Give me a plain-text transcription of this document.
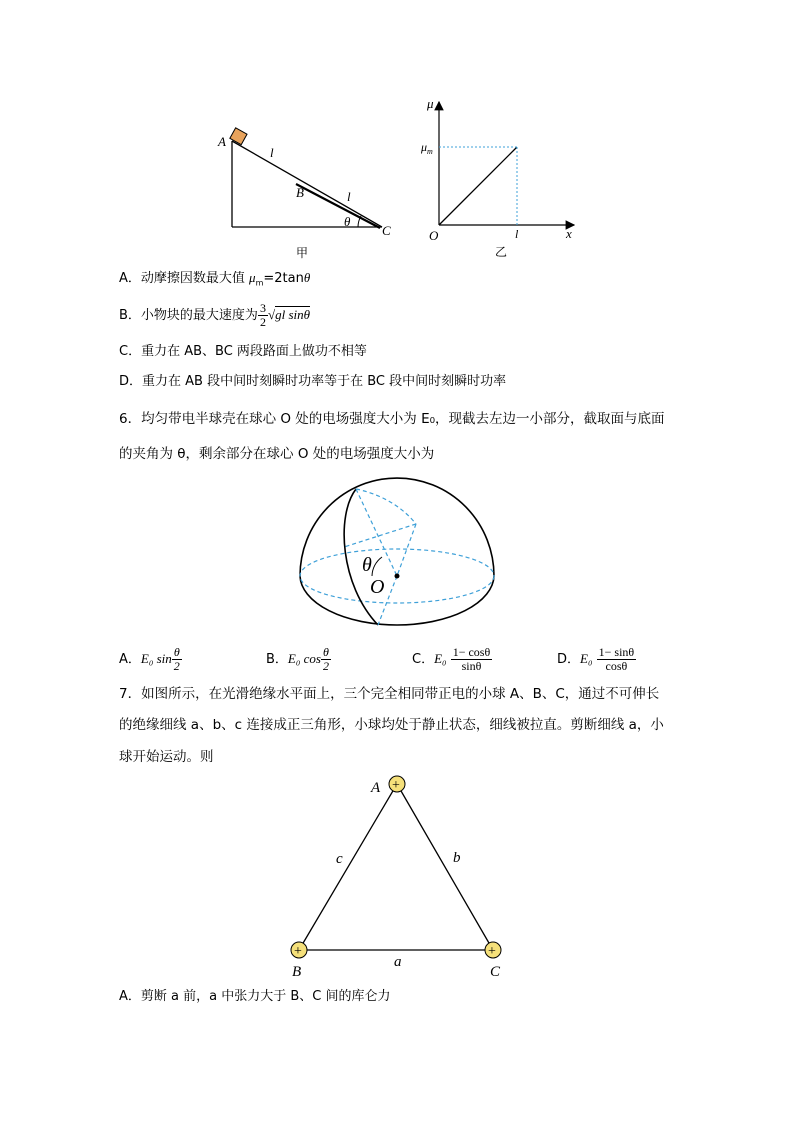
A
l
B	l
θ
C
甲
μ
$\mu_m$
O	l	x
乙
A．动摩擦因数最大值 $\mu_m=2\tan\theta$
B．小物块的最大速度为 $\frac{3}{2} √gl$ sinθ
C．重力在 AB、BC 两段路面上做功不相等
D．重力在 AB 段中间时刻瞬时功率等于在 BC 段中间时刻瞬时功率
6．均匀带电半球壳在球心 O 处的电场强度大小为 E₀，现截去左边一小部分，截取面与底面
的夹角为 θ，剩余部分在球心 O 处的电场强度大小为
θ
O
A．E₀ $\sin \frac{\theta}{2}$	B．E₀ $\cos \frac{\theta}{2}$	C．$E_0 \frac{1- \cos\theta}{\sin\theta}$	D．$E_0 \frac{1- \sin\theta}{\cos\theta}$
7．如图所示，在光滑绝缘水平面上，三个完全相同带正电的小球 A、B、C，通过不可伸长
的绝缘细线 a、b、c 连接成正三角形，小球均处于静止状态，细线被拉直。剪断细线 a，小
球开始运动。则
+
+	+
A
c	b
a
B	C
A．剪断 a 前，a 中张力大于 B、C 间的库仑力
